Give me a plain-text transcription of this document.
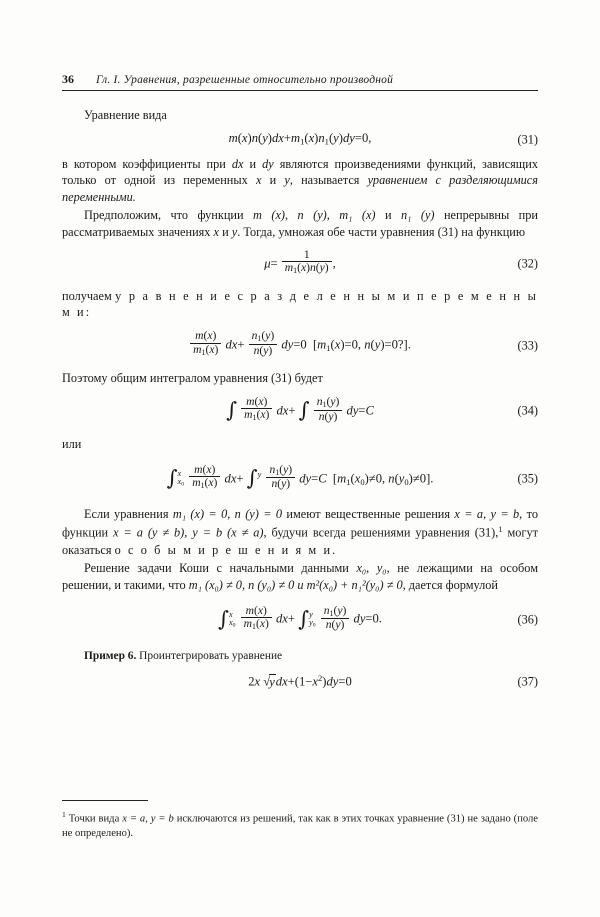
36	Гл. I. Уравнения, разрешенные относительно производной

Уравнение вида

$m(x)n(y)dx+m_1(x)n_1(y)dy=0$,	(31)

в котором коэффициенты при dx и dy являются произведениями функций, зависящих только от одной из переменных x и y, называется уравнением с разделяющимися переменными.

Предположим, что функции m (x), n (y), m₁ (x) и n₁ (y) непрерывны при рассматриваемых значениях x и y. Тогда, умножая обе части уравнения (31) на функцию

$\mu= \frac{1}{m_1(x)n(y)}$ ,	(32)

получаем у р а в н е н и е с р а з д е л е н н ы м и п е р е м е н н ы м и:

$\frac{m(x)}{m_1(x)} dx+ \frac{n_1(y)}{n(y)} dy=0$  [$m_1(x)=0$, n(y)=0?].	(33)

Поэтому общим интегралом уравнения (31) будет

∫ $\frac{m(x)}{m_1(x)} dx+$ ∫ $\frac{n_1(y)}{n(y)} dy=C$	(34)

или

∫ x
$x_0$
$\frac{m(x)}{m_1(x)} dx+$ ∫ y

$\frac{n_1(y)}{n(y)} dy=C$  [$m_1(x_0)\ne 0$, $n(y_0)\ne 0$].	(35)

Если уравнения m₁ (x) = 0, n (y) = 0 имеют вещественные решения x = a, y = b, то функции x = a (y ≠ b), y = b (x ≠ a), будучи всегда решениями уравнения (31),$^1$ могут оказаться о с о б ы м и р е ш е н и я м и.

Решение задачи Коши с начальными данными x₀, y₀, не лежащими на особом решении, и такими, что m₁ (x₀) ≠ 0, n (y₀) ≠ 0 и m²(x₀) + n₁²(y₀) ≠ 0, дается формулой

∫ x
$x_0$
$\frac{m(x)}{m_1(x)} dx+$ ∫ y
$y_0$
$\frac{n_1(y)}{n(y)} dy=0$.	(36)

Пример 6. Проинтегрировать уравнение

2x $√ydx+(1-x^2)dy=0$	(37)

$^1$ Точки вида x = a, y = b исключаются из решений, так как в этих точках уравнение (31) не задано (поле не определено).
